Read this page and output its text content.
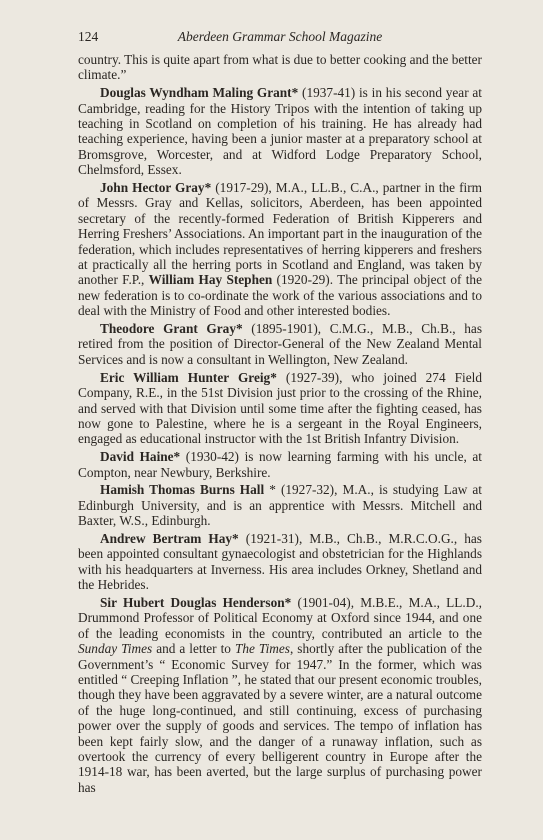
124	Aberdeen Grammar School Magazine

country. This is quite apart from what is due to better cooking and the better climate.”

Douglas Wyndham Maling Grant* (1937-41) is in his second year at Cambridge, reading for the History Tripos with the intention of taking up teaching in Scotland on completion of his training. He has already had teaching experience, having been a junior master at a preparatory school at Bromsgrove, Worcester, and at Widford Lodge Preparatory School, Chelmsford, Essex.

John Hector Gray* (1917-29), M.A., LL.B., C.A., partner in the firm of Messrs. Gray and Kellas, solicitors, Aberdeen, has been appointed secretary of the recently-formed Federation of British Kipperers and Herring Freshers’ Associations. An important part in the inauguration of the federation, which includes representatives of herring kipperers and freshers at practically all the herring ports in Scotland and England, was taken by another F.P., William Hay Stephen (1920-29). The principal object of the new federation is to co-ordinate the work of the various associations and to deal with the Ministry of Food and other interested bodies.

Theodore Grant Gray* (1895-1901), C.M.G., M.B., Ch.B., has retired from the position of Director-General of the New Zealand Mental Services and is now a consultant in Wellington, New Zealand.

Eric William Hunter Greig* (1927-39), who joined 274 Field Company, R.E., in the 51st Division just prior to the crossing of the Rhine, and served with that Division until some time after the fighting ceased, has now gone to Palestine, where he is a sergeant in the Royal Engineers, engaged as educational instructor with the 1st British Infantry Division.

David Haine* (1930-42) is now learning farming with his uncle, at Compton, near Newbury, Berkshire.

Hamish Thomas Burns Hall * (1927-32), M.A., is studying Law at Edinburgh University, and is an apprentice with Messrs. Mitchell and Baxter, W.S., Edinburgh.

Andrew Bertram Hay* (1921-31), M.B., Ch.B., M.R.C.O.G., has been appointed consultant gynaecologist and obstetrician for the Highlands with his headquarters at Inverness. His area includes Orkney, Shetland and the Hebrides.

Sir Hubert Douglas Henderson* (1901-04), M.B.E., M.A., LL.D., Drummond Professor of Political Economy at Oxford since 1944, and one of the leading economists in the country, contributed an article to the Sunday Times and a letter to The Times, shortly after the publication of the Government’s “ Economic Survey for 1947.” In the former, which was entitled “ Creeping Inflation ”, he stated that our present economic troubles, though they have been aggravated by a severe winter, are a natural outcome of the huge long-continued, and still continuing, excess of purchasing power over the supply of goods and services. The tempo of inflation has been kept fairly slow, and the danger of a runaway inflation, such as overtook the currency of every belligerent country in Europe after the 1914-18 war, has been averted, but the large surplus of purchasing power has
